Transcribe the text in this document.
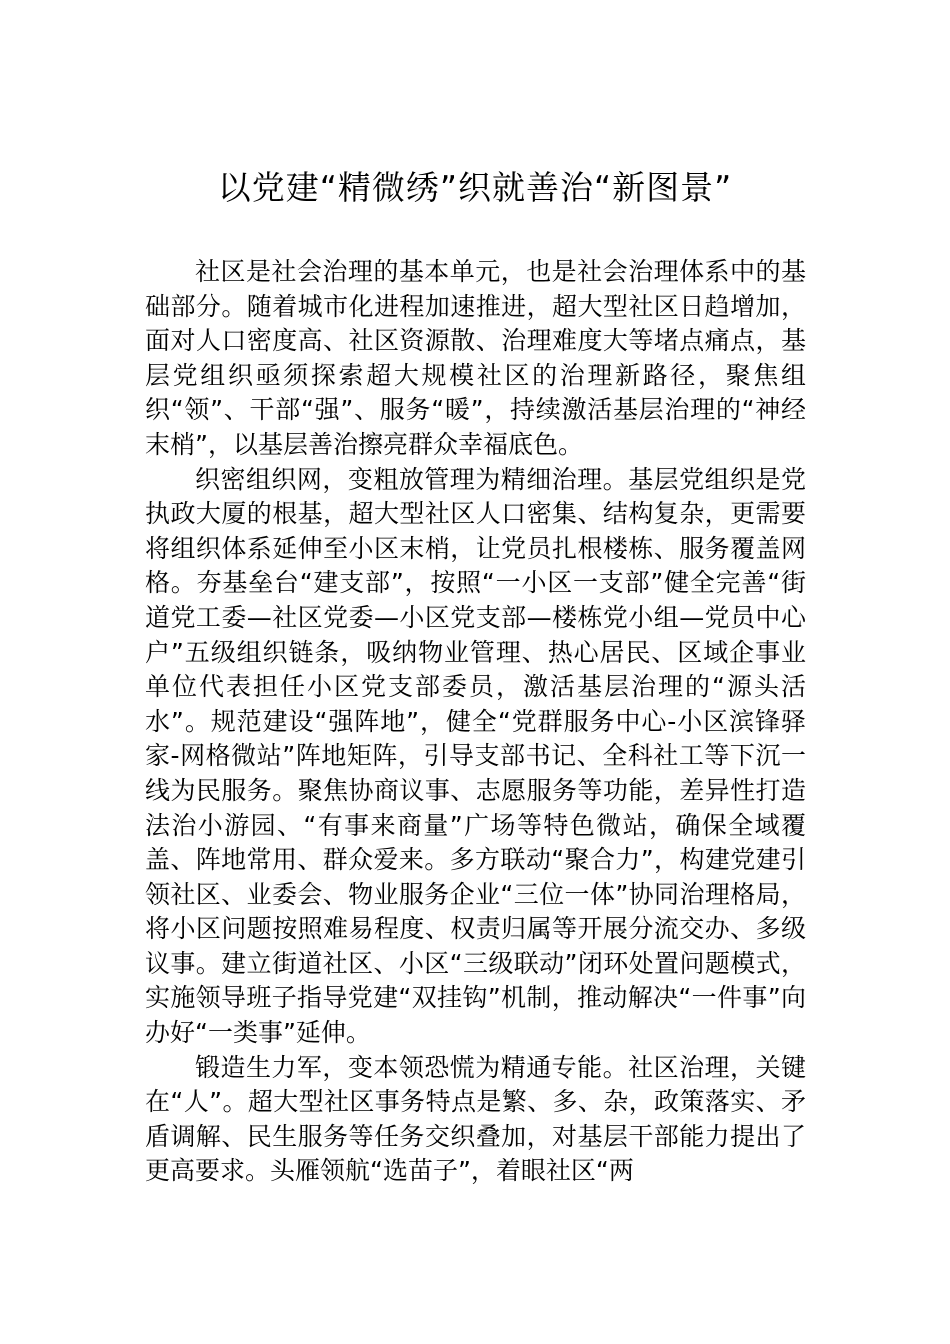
以党建“精微绣”织就善治“新图景”

社区是社会治理的基本单元，也是社会治理体系中的基础部分。随着城市化进程加速推进，超大型社区日趋增加，面对人口密度高、社区资源散、治理难度大等堵点痛点，基层党组织亟须探索超大规模社区的治理新路径，聚焦组织“领”、干部“强”、服务“暖”，持续激活基层治理的“神经末梢”，以基层善治擦亮群众幸福底色。

织密组织网，变粗放管理为精细治理。基层党组织是党执政大厦的根基，超大型社区人口密集、结构复杂，更需要将组织体系延伸至小区末梢，让党员扎根楼栋、服务覆盖网格。夯基垒台“建支部”，按照“一小区一支部”健全完善“街道党工委—社区党委—小区党支部—楼栋党小组—党员中心户”五级组织链条，吸纳物业管理、热心居民、区域企事业单位代表担任小区党支部委员，激活基层治理的“源头活水”。规范建设“强阵地”，健全“党群服务中心-小区滨锋驿家-网格微站”阵地矩阵，引导支部书记、全科社工等下沉一线为民服务。聚焦协商议事、志愿服务等功能，差异性打造法治小游园、“有事来商量”广场等特色微站，确保全域覆盖、阵地常用、群众爱来。多方联动“聚合力”，构建党建引领社区、业委会、物业服务企业“三位一体”协同治理格局，将小区问题按照难易程度、权责归属等开展分流交办、多级议事。建立街道社区、小区“三级联动”闭环处置问题模式，实施领导班子指导党建“双挂钩”机制，推动解决“一件事”向办好“一类事”延伸。

锻造生力军，变本领恐慌为精通专能。社区治理，关键在“人”。超大型社区事务特点是繁、多、杂，政策落实、矛盾调解、民生服务等任务交织叠加，对基层干部能力提出了更高要求。头雁领航“选苗子”，着眼社区“两
